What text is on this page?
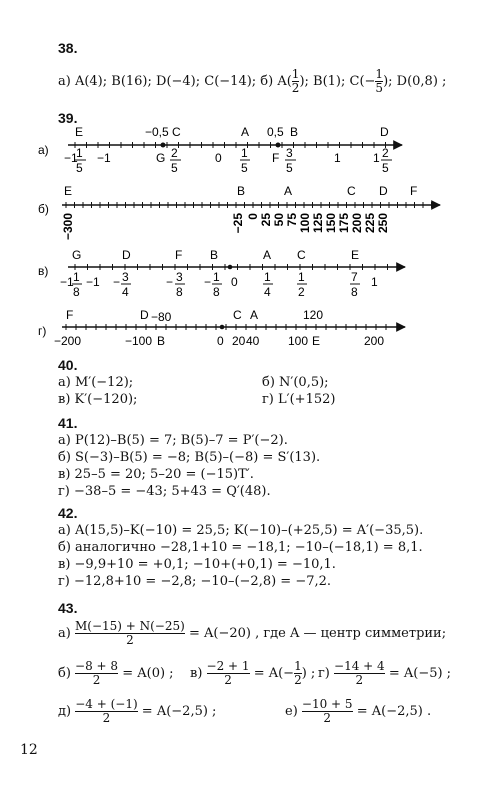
38.
а) A(4); B(16); D(−4); C(−14); б) $A( \frac{1}{2}$ ); B(1); $C(- \frac{1}{5}$ ); D(0,8) ;
39.
а)
E	−0,5 C	A 0,5 B	D
−1
1
5
−1	G 2
5
0 1
5
F 3
5
1	1 2
5
б)
E	B	A	C D F
−300	−25 0 25 50 75 100 125 150 175 200 225 250
в)
G	D	F B	A C	E
−1 1
8
−1 − 3
4
− 3
8
− 1
8
0 1
4
1
2
7
8
1
г)
F	D −80	C A	120
−200	−100 B	0 20 40 100 E	200
40.
а) M′(−12);	б) N′(0,5);
в) K′(−120);	г) L′(+152)
41.
а) P(12)–B(5) = 7; B(5)–7 = P′(−2).
б) S(−3)–B(5) = −8; B(5)–(−8) = S′(13).
в) 25–5 = 20; 5–20 = (−15)T′.
г) −38–5 = −43; 5+43 = Q′(48).
42.
а) A(15,5)–K(−10) = 25,5; K(−10)–(+25,5) = A′(−35,5).
б) аналогично −28,1+10 = −18,1; −10–(−18,1) = 8,1.
в) −9,9+10 = +0,1; −10+(+0,1) = −10,1.
г) −12,8+10 = −2,8; −10–(−2,8) = −7,2.
43.
$а) \frac{M(-15) + N(-25)}{2} = A(-20)$ , где A — центр симметрии;
$б) \frac{-8 + 8}{2} = A(0)$ ; $в) \frac{-2 + 1}{2} = A(- \frac{1}{2}$ ) ; $г) \frac{-14 + 4}{2} = A(-5)$ ;
$д) \frac{-4 + (-1)}{2} = A(-2,5)$ ;	$е) \frac{-10 + 5}{2} = A(-2,5)$ .
12
